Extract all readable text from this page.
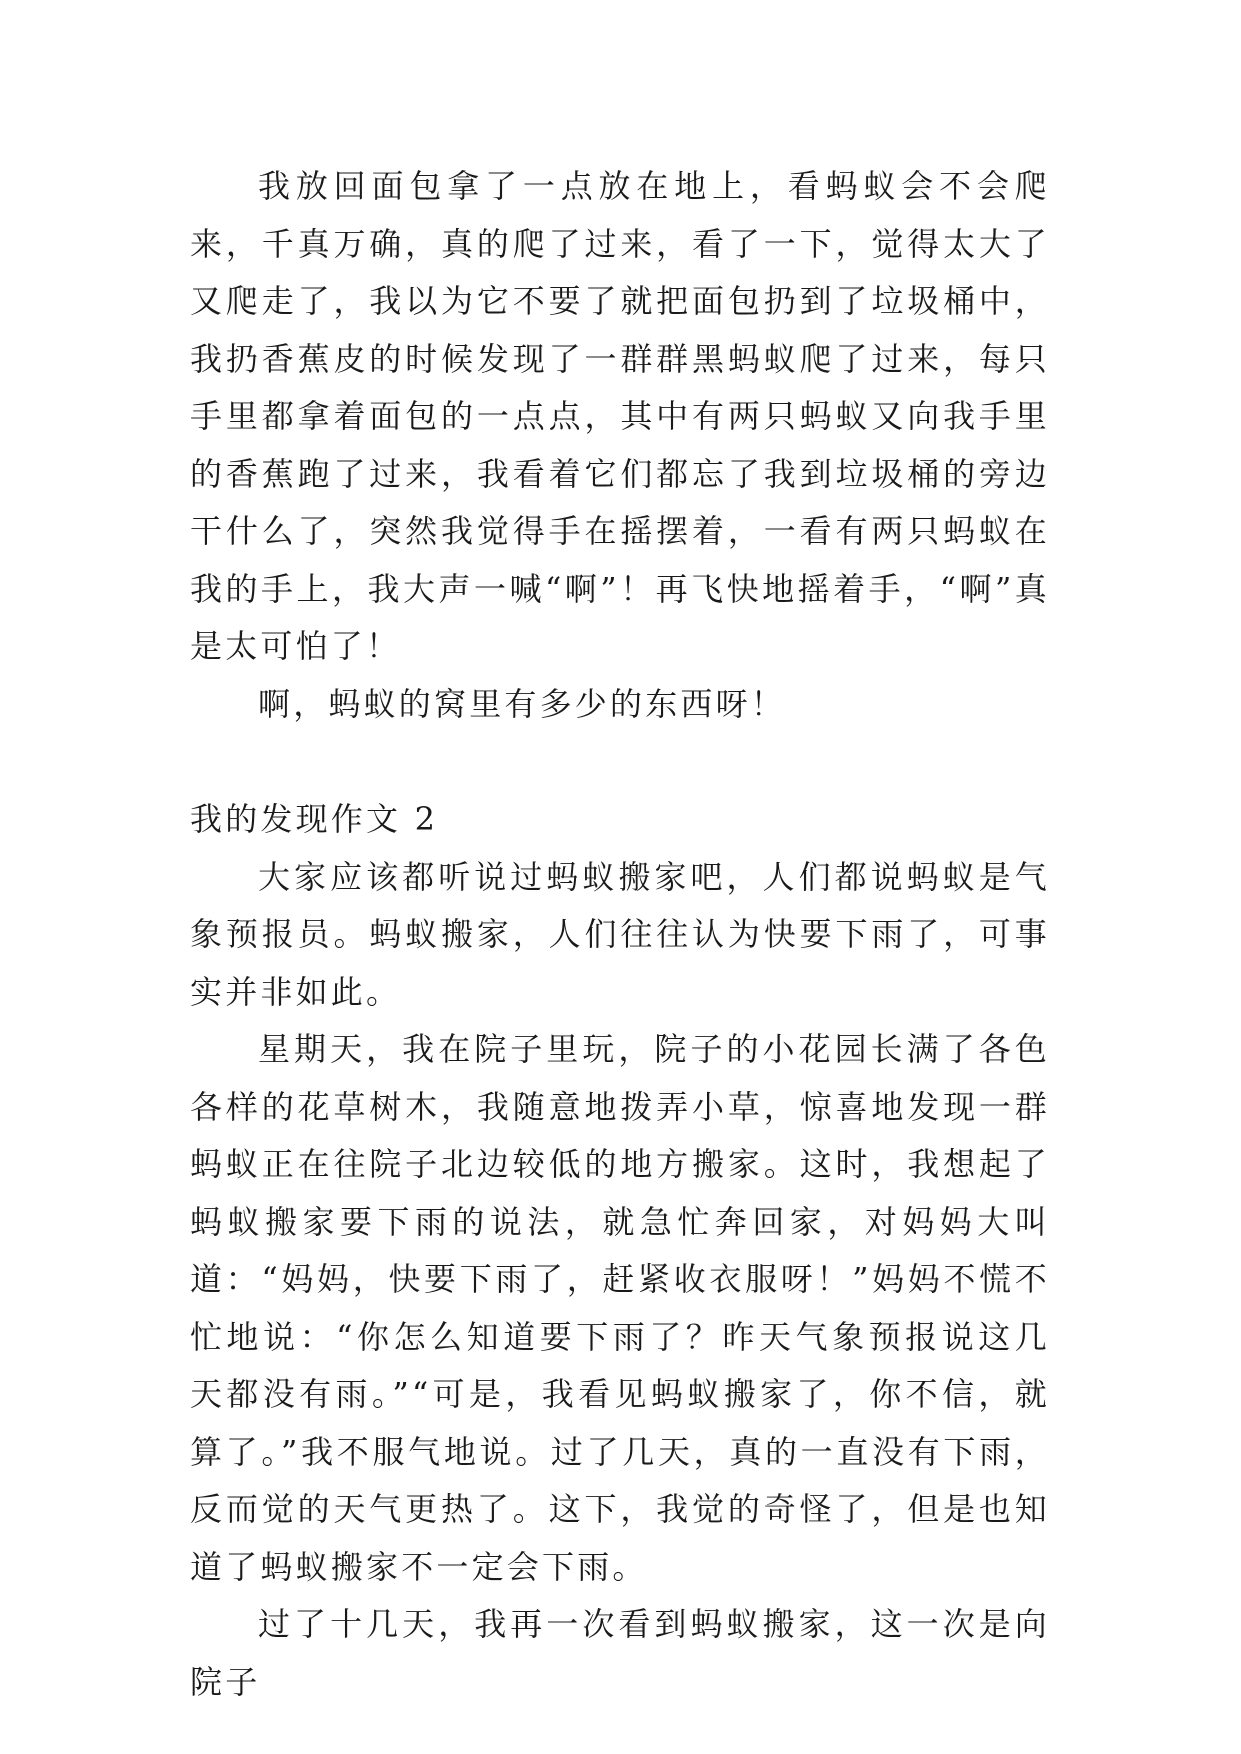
我放回面包拿了一点放在地上，看蚂蚁会不会爬来，千真万确，真的爬了过来，看了一下，觉得太大了又爬走了，我以为它不要了就把面包扔到了垃圾桶中，我扔香蕉皮的时候发现了一群群黑蚂蚁爬了过来，每只手里都拿着面包的一点点，其中有两只蚂蚁又向我手里的香蕉跑了过来，我看着它们都忘了我到垃圾桶的旁边干什么了，突然我觉得手在摇摆着，一看有两只蚂蚁在我的手上，我大声一喊“啊”！再飞快地摇着手，“啊”真是太可怕了！

啊，蚂蚁的窝里有多少的东西呀！

我的发现作文 2

大家应该都听说过蚂蚁搬家吧，人们都说蚂蚁是气象预报员。蚂蚁搬家，人们往往认为快要下雨了，可事实并非如此。

星期天，我在院子里玩，院子的小花园长满了各色各样的花草树木，我随意地拨弄小草，惊喜地发现一群蚂蚁正在往院子北边较低的地方搬家。这时，我想起了蚂蚁搬家要下雨的说法，就急忙奔回家，对妈妈大叫道：“妈妈，快要下雨了，赶紧收衣服呀！”妈妈不慌不忙地说：“你怎么知道要下雨了？昨天气象预报说这几天都没有雨。”“可是，我看见蚂蚁搬家了，你不信，就算了。”我不服气地说。过了几天，真的一直没有下雨，反而觉的天气更热了。这下，我觉的奇怪了，但是也知道了蚂蚁搬家不一定会下雨。

过了十几天，我再一次看到蚂蚁搬家，这一次是向院子
